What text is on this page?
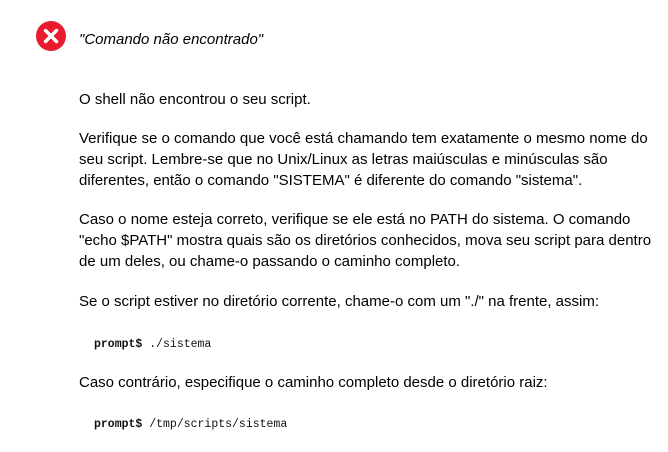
"Comando não encontrado"

O shell não encontrou o seu script.

Verifique se o comando que você está chamando tem exatamente o mesmo nome do seu script. Lembre-se que no Unix/Linux as letras maiúsculas e minúsculas são diferentes, então o comando "SISTEMA" é diferente do comando "sistema".

Caso o nome esteja correto, verifique se ele está no PATH do sistema. O comando "echo $PATH" mostra quais são os diretórios conhecidos, mova seu script para dentro de um deles, ou chame-o passando o caminho completo.

Se o script estiver no diretório corrente, chame-o com um "./" na frente, assim:

prompt$ ./sistema

Caso contrário, especifique o caminho completo desde o diretório raiz:

prompt$ /tmp/scripts/sistema
